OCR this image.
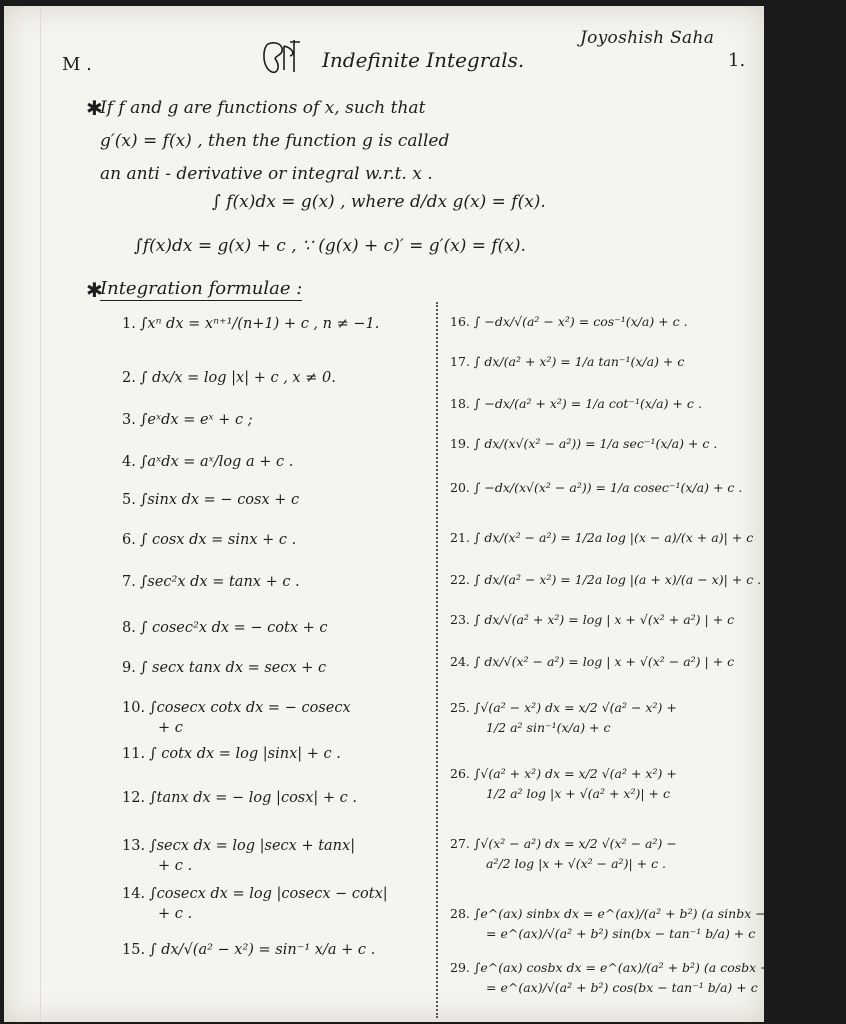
Joyoshish Saha
M .	Indefinite Integrals.	1.
✱
If f and g are functions of x, such that
g′(x) = f(x) , then the function g is called
an anti - derivative or integral w.r.t. x .
∫ f(x)dx = g(x) , where d/dx g(x) = f(x).
∫f(x)dx = g(x) + c , ∵ (g(x) + c)′ = g′(x) = f(x).
✱
Integration formulae :
1. ∫xⁿ dx = xⁿ⁺¹/(n+1) + c , n ≠ −1.
2. ∫ dx/x = log |x| + c , x ≠ 0.
3. ∫eˣdx = eˣ + c ;
4. ∫aˣdx = aˣ/log a + c .
5. ∫sinx dx = − cosx + c
6. ∫ cosx dx = sinx + c .
7. ∫sec²x dx = tanx + c .
8. ∫ cosec²x dx = − cotx + c
9. ∫ secx tanx dx = secx + c
10. ∫cosecx cotx dx = − cosecx
+ c
11. ∫ cotx dx = log |sinx| + c .
12. ∫tanx dx = − log |cosx| + c .
13. ∫secx dx = log |secx + tanx|
+ c .
14. ∫cosecx dx = log |cosecx − cotx|
+ c .
15. ∫ dx/√(a² − x²) = sin⁻¹ x/a + c .
16. ∫ −dx/√(a² − x²) = cos⁻¹(x/a) + c .
17. ∫ dx/(a² + x²) = 1/a tan⁻¹(x/a) + c
18. ∫ −dx/(a² + x²) = 1/a cot⁻¹(x/a) + c .
19. ∫ dx/(x√(x² − a²)) = 1/a sec⁻¹(x/a) + c .
20. ∫ −dx/(x√(x² − a²)) = 1/a cosec⁻¹(x/a) + c .
21. ∫ dx/(x² − a²) = 1/2a log |(x − a)/(x + a)| + c
22. ∫ dx/(a² − x²) = 1/2a log |(a + x)/(a − x)| + c .
23. ∫ dx/√(a² + x²) = log | x + √(x² + a²) | + c
24. ∫ dx/√(x² − a²) = log | x + √(x² − a²) | + c
25. ∫√(a² − x²) dx = x/2 √(a² − x²) +
1/2 a² sin⁻¹(x/a) + c
26. ∫√(a² + x²) dx = x/2 √(a² + x²) +
1/2 a² log |x + √(a² + x²)| + c
27. ∫√(x² − a²) dx = x/2 √(x² − a²) −
a²/2 log |x + √(x² − a²)| + c .
28. ∫e^(ax) sinbx dx = e^(ax)/(a² + b²) (a sinbx − bcosbx) + c
= e^(ax)/√(a² + b²) sin(bx − tan⁻¹ b/a) + c
29. ∫e^(ax) cosbx dx = e^(ax)/(a² + b²) (a cosbx + bsinbx) + c
= e^(ax)/√(a² + b²) cos(bx − tan⁻¹ b/a) + c
